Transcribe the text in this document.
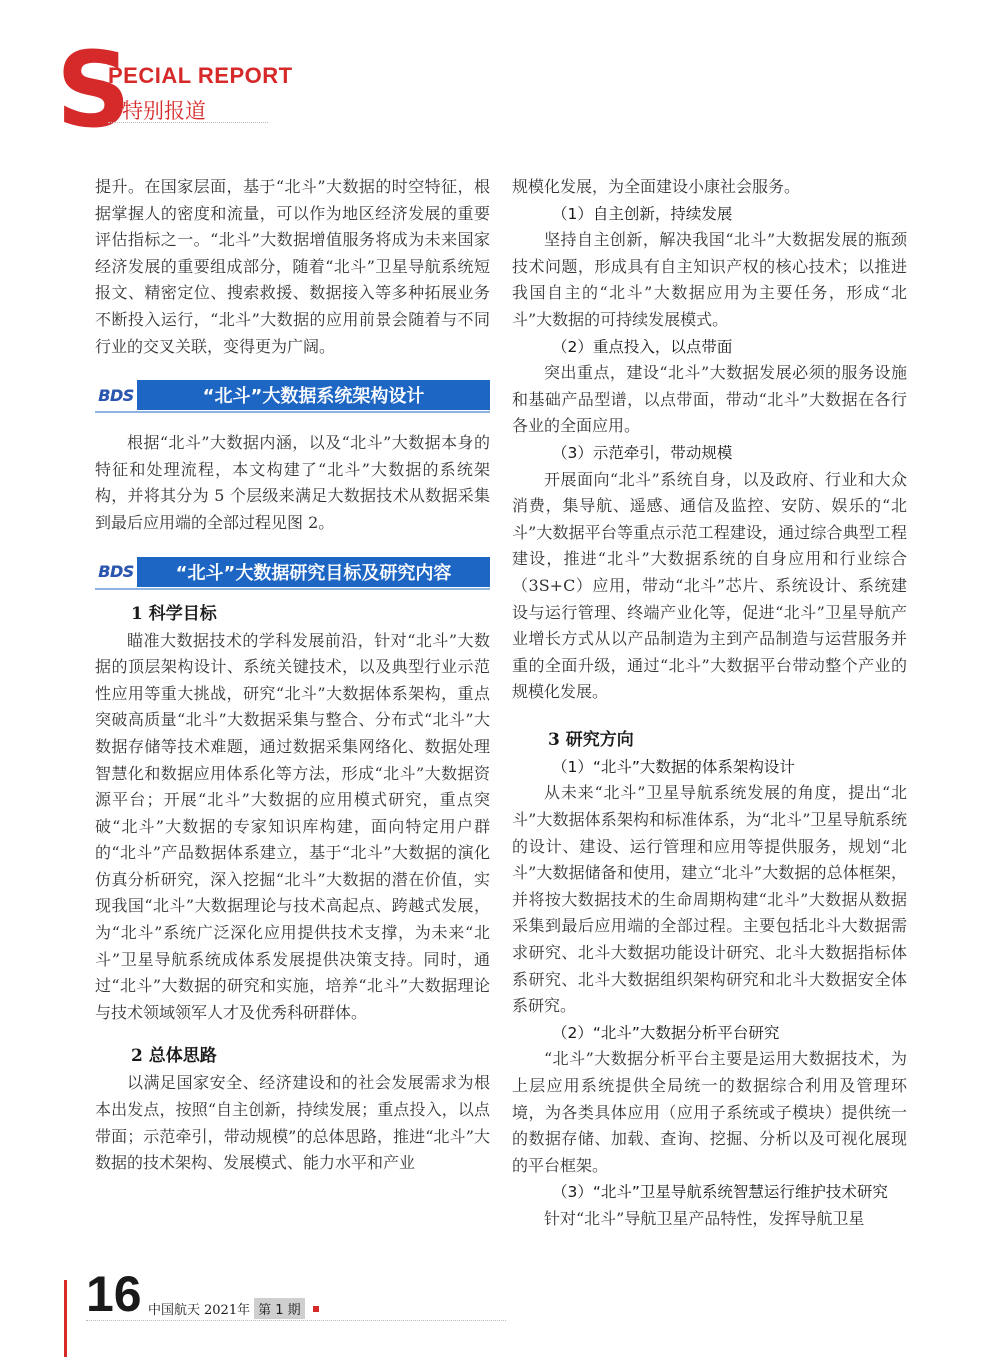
S
PECIAL REPORT
特别报道

提升。在国家层面，基于“北斗”大数据的时空特征，根据掌握人的密度和流量，可以作为地区经济发展的重要评估指标之一。“北斗”大数据增值服务将成为未来国家经济发展的重要组成部分，随着“北斗”卫星导航系统短报文、精密定位、搜索救援、数据接入等多种拓展业务不断投入运行，“北斗”大数据的应用前景会随着与不同行业的交叉关联，变得更为广阔。

BDS	“北斗”大数据系统架构设计

根据“北斗”大数据内涵，以及“北斗”大数据本身的特征和处理流程，本文构建了“北斗”大数据的系统架构，并将其分为 5 个层级来满足大数据技术从数据采集到最后应用端的全部过程见图 2。

BDS	“北斗”大数据研究目标及研究内容
1 科学目标

瞄准大数据技术的学科发展前沿，针对“北斗”大数据的顶层架构设计、系统关键技术，以及典型行业示范性应用等重大挑战，研究“北斗”大数据体系架构，重点突破高质量“北斗”大数据采集与整合、分布式“北斗”大数据存储等技术难题，通过数据采集网络化、数据处理智慧化和数据应用体系化等方法，形成“北斗”大数据资源平台；开展“北斗”大数据的应用模式研究，重点突破“北斗”大数据的专家知识库构建，面向特定用户群的“北斗”产品数据体系建立，基于“北斗”大数据的演化仿真分析研究，深入挖掘“北斗”大数据的潜在价值，实现我国“北斗”大数据理论与技术高起点、跨越式发展，为“北斗”系统广泛深化应用提供技术支撑，为未来“北斗”卫星导航系统成体系发展提供决策支持。同时，通过“北斗”大数据的研究和实施，培养“北斗”大数据理论与技术领域领军人才及优秀科研群体。

2 总体思路

以满足国家安全、经济建设和的社会发展需求为根本出发点，按照“自主创新，持续发展；重点投入，以点带面；示范牵引，带动规模”的总体思路，推进“北斗”大数据的技术架构、发展模式、能力水平和产业

规模化发展，为全面建设小康社会服务。

（1）自主创新，持续发展

坚持自主创新，解决我国“北斗”大数据发展的瓶颈技术问题，形成具有自主知识产权的核心技术；以推进我国自主的“北斗”大数据应用为主要任务，形成“北斗”大数据的可持续发展模式。

（2）重点投入，以点带面

突出重点，建设“北斗”大数据发展必须的服务设施和基础产品型谱，以点带面，带动“北斗”大数据在各行各业的全面应用。

（3）示范牵引，带动规模

开展面向“北斗”系统自身，以及政府、行业和大众消费，集导航、遥感、通信及监控、安防、娱乐的“北斗”大数据平台等重点示范工程建设，通过综合典型工程建设，推进“北斗”大数据系统的自身应用和行业综合（3S+C）应用，带动“北斗”芯片、系统设计、系统建设与运行管理、终端产业化等，促进“北斗”卫星导航产业增长方式从以产品制造为主到产品制造与运营服务并重的全面升级，通过“北斗”大数据平台带动整个产业的规模化发展。

3 研究方向
（1）“北斗”大数据的体系架构设计

从未来“北斗”卫星导航系统发展的角度，提出“北斗”大数据体系架构和标准体系，为“北斗”卫星导航系统的设计、建设、运行管理和应用等提供服务，规划“北斗”大数据储备和使用，建立“北斗”大数据的总体框架，并将按大数据技术的生命周期构建“北斗”大数据从数据采集到最后应用端的全部过程。主要包括北斗大数据需求研究、北斗大数据功能设计研究、北斗大数据指标体系研究、北斗大数据组织架构研究和北斗大数据安全体系研究。

（2）“北斗”大数据分析平台研究

“北斗”大数据分析平台主要是运用大数据技术，为上层应用系统提供全局统一的数据综合利用及管理环境，为各类具体应用（应用子系统或子模块）提供统一的数据存储、加载、查询、挖掘、分析以及可视化展现的平台框架。

（3）“北斗”卫星导航系统智慧运行维护技术研究

针对“北斗”导航卫星产品特性，发挥导航卫星

16 中国航天 2021年 第 1 期
